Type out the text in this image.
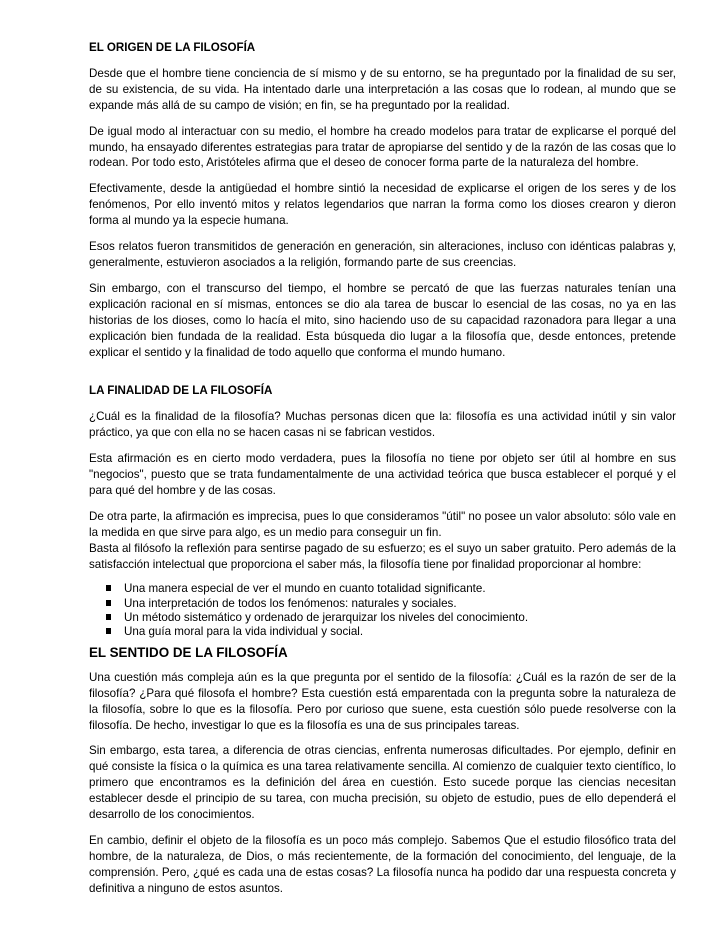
EL ORIGEN DE LA FILOSOFÍA

Desde que el hombre tiene conciencia de sí mismo y de su entorno, se ha preguntado por la finalidad de su ser, de su existencia, de su vida. Ha intentado darle una interpretación a las cosas que lo rodean, al mundo que se expande más allá de su campo de visión; en fin, se ha preguntado por la realidad.

De igual modo al interactuar con su medio, el hombre ha creado modelos para tratar de explicarse el porqué del mundo, ha ensayado diferentes estrategias para tratar de apropiarse del sentido y de la razón de las cosas que lo rodean. Por todo esto, Aristóteles afirma que el deseo de conocer forma parte de la naturaleza del hombre.

Efectivamente, desde la antigüedad el hombre sintió la necesidad de explicarse el origen de los seres y de los fenómenos, Por ello inventó mitos y relatos legendarios que narran la forma como los dioses crearon y dieron forma al mundo ya la especie humana.

Esos relatos fueron transmitidos de generación en generación, sin alteraciones, incluso con idénticas palabras y, generalmente, estuvieron asociados a la religión, formando parte de sus creencias.

Sin embargo, con el transcurso del tiempo, el hombre se percató de que las fuerzas naturales tenían una explicación racional en sí mismas, entonces se dio ala tarea de buscar lo esencial de las cosas, no ya en las historias de los dioses, como lo hacía el mito, sino haciendo uso de su capacidad razonadora para llegar a una explicación bien fundada de la realidad. Esta búsqueda dio lugar a la filosofía que, desde entonces, pretende explicar el sentido y la finalidad de todo aquello que conforma el mundo humano.

LA FINALIDAD DE LA FILOSOFÍA

¿Cuál es la finalidad de la filosofía? Muchas personas dicen que la: filosofía es una actividad inútil y sin valor práctico, ya que con ella no se hacen casas ni se fabrican vestidos.

Esta afirmación es en cierto modo verdadera, pues la filosofía no tiene por objeto ser útil al hombre en sus "negocios", puesto que se trata fundamentalmente de una actividad teórica que busca establecer el porqué y el para qué del hombre y de las cosas.

De otra parte, la afirmación es imprecisa, pues lo que consideramos "útil" no posee un valor absoluto: sólo vale en la medida en que sirve para algo, es un medio para conseguir un fin.

Basta al filósofo la reflexión para sentirse pagado de su esfuerzo; es el suyo un saber gratuito. Pero además de la satisfacción intelectual que proporciona el saber más, la filosofía tiene por finalidad proporcionar al hombre:

Una manera especial de ver el mundo en cuanto totalidad significante.
Una interpretación de todos los fenómenos: naturales y sociales.
Un método sistemático y ordenado de jerarquizar los niveles del conocimiento.
Una guía moral para la vida individual y social.
EL SENTIDO DE LA FILOSOFÍA

Una cuestión más compleja aún es la que pregunta por el sentido de la filosofía: ¿Cuál es la razón de ser de la filosofía? ¿Para qué filosofa el hombre? Esta cuestión está emparentada con la pregunta sobre la naturaleza de la filosofía, sobre lo que es la filosofía. Pero por curioso que suene, esta cuestión sólo puede resolverse con la filosofía. De hecho, investigar lo que es la filosofía es una de sus principales tareas.

Sin embargo, esta tarea, a diferencia de otras ciencias, enfrenta numerosas dificultades. Por ejemplo, definir en qué consiste la física o la química es una tarea relativamente sencilla. Al comienzo de cualquier texto científico, lo primero que encontramos es la definición del área en cuestión. Esto sucede porque las ciencias necesitan establecer desde el principio de su tarea, con mucha precisión, su objeto de estudio, pues de ello dependerá el desarrollo de los conocimientos.

En cambio, definir el objeto de la filosofía es un poco más complejo. Sabemos Que el estudio filosófico trata del hombre, de la naturaleza, de Dios, o más recientemente, de la formación del conocimiento, del lenguaje, de la comprensión. Pero, ¿qué es cada una de estas cosas? La filosofía nunca ha podido dar una respuesta concreta y definitiva a ninguno de estos asuntos.
